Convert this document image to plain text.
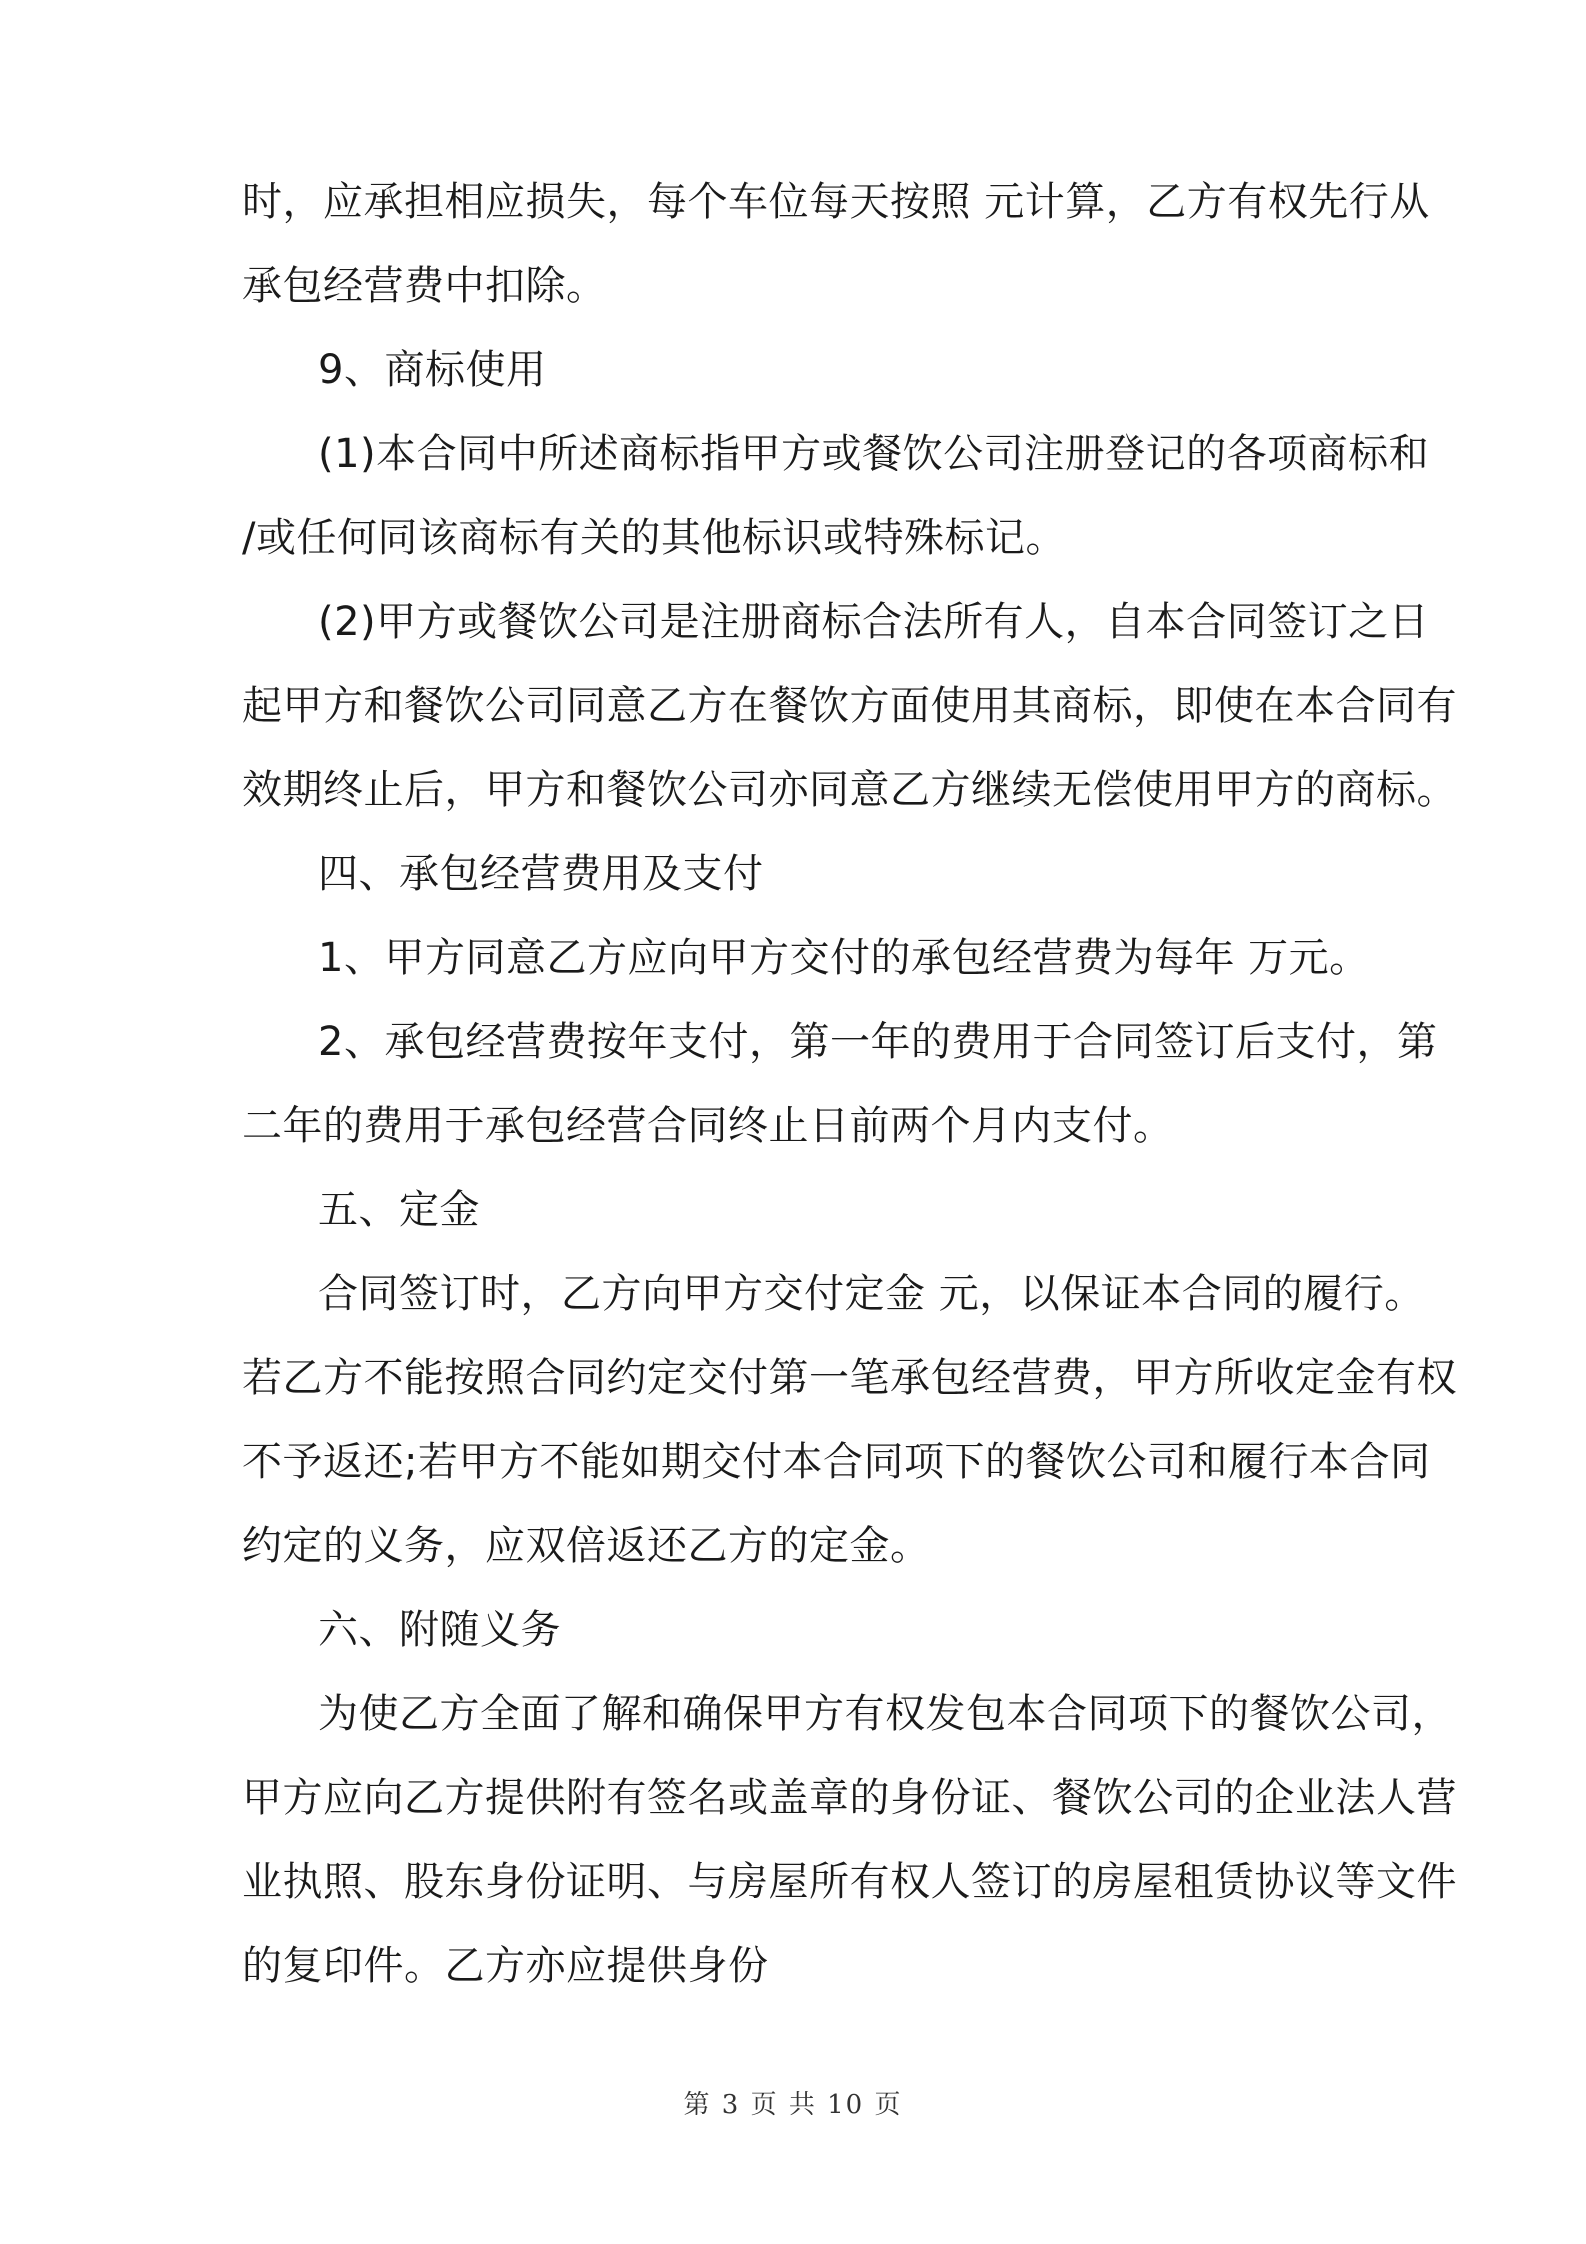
时，应承担相应损失，每个车位每天按照 元计算，乙方有权先行从
承包经营费中扣除。
9、商标使用
(1)本合同中所述商标指甲方或餐饮公司注册登记的各项商标和
/或任何同该商标有关的其他标识或特殊标记。
(2)甲方或餐饮公司是注册商标合法所有人，自本合同签订之日
起甲方和餐饮公司同意乙方在餐饮方面使用其商标，即使在本合同有
效期终止后，甲方和餐饮公司亦同意乙方继续无偿使用甲方的商标。
四、承包经营费用及支付
1、甲方同意乙方应向甲方交付的承包经营费为每年 万元。
2、承包经营费按年支付，第一年的费用于合同签订后支付，第
二年的费用于承包经营合同终止日前两个月内支付。
五、定金
合同签订时，乙方向甲方交付定金 元，以保证本合同的履行。
若乙方不能按照合同约定交付第一笔承包经营费，甲方所收定金有权
不予返还;若甲方不能如期交付本合同项下的餐饮公司和履行本合同
约定的义务，应双倍返还乙方的定金。
六、附随义务
为使乙方全面了解和确保甲方有权发包本合同项下的餐饮公司，
甲方应向乙方提供附有签名或盖章的身份证、餐饮公司的企业法人营
业执照、股东身份证明、与房屋所有权人签订的房屋租赁协议等文件
的复印件。乙方亦应提供身份
第 3 页 共 10 页
